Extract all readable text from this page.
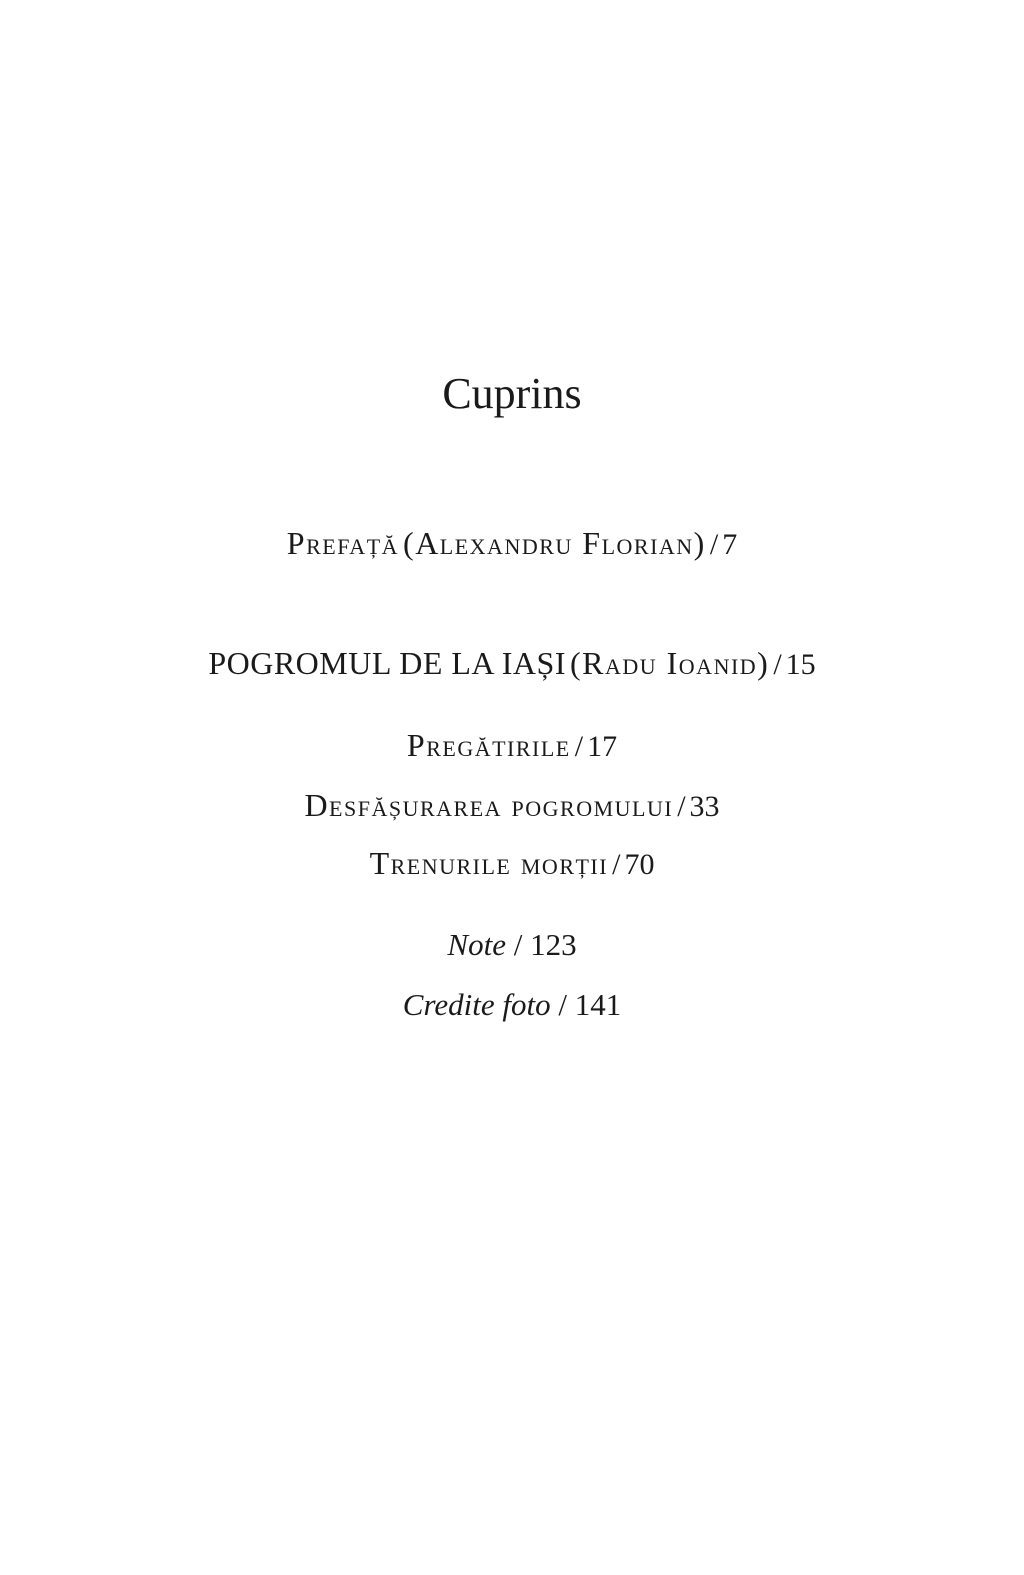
Cuprins
Prefață (Alexandru Florian) / 7
POGROMUL DE LA IAȘI (Radu Ioanid) / 15
Pregătirile / 17
Desfășurarea pogromului / 33
Trenurile morții / 70
Note / 123
Credite foto / 141
